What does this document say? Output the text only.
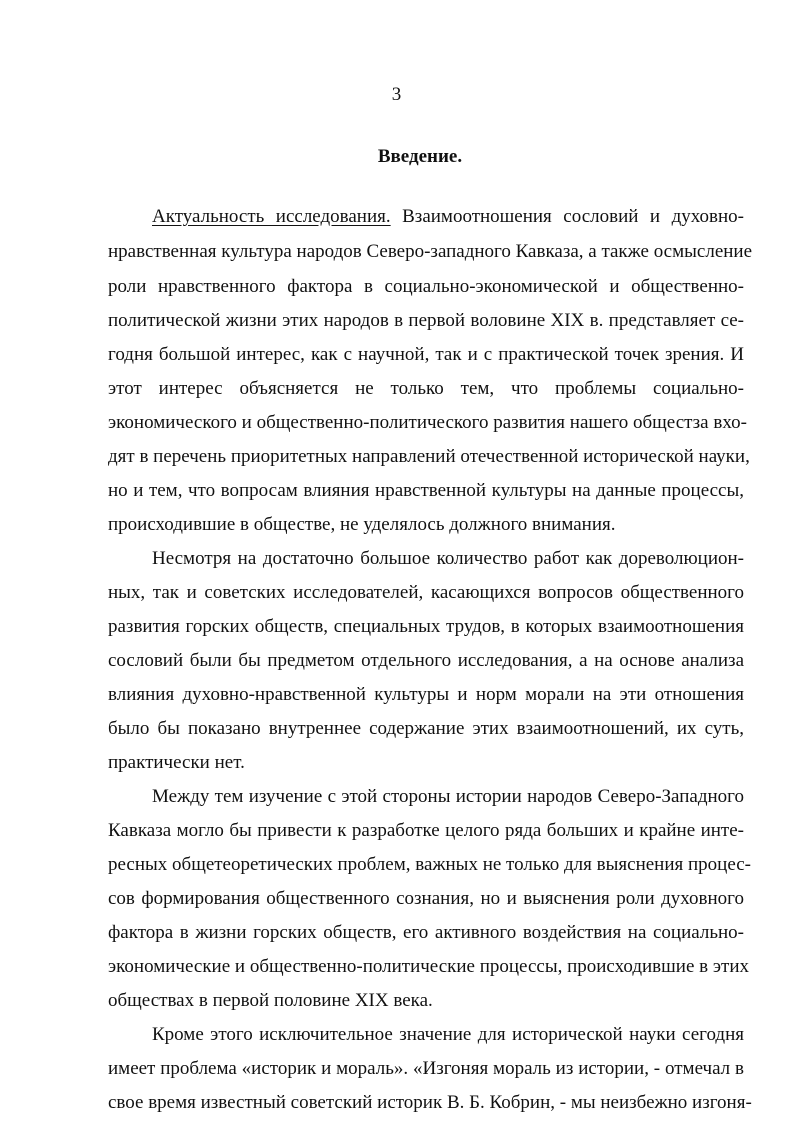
3
Введение.
Актуальность исследования. Взаимоотношения сословий и духовно-
нравственная культура народов Северо-западного Кавказа, а также осмысление
роли нравственного фактора в социально-экономической и общественно-
политической жизни этих народов в первой воловине XIX в. представляет се-
годня большой интерес, как с научной, так и с практической точек зрения. И
этот интерес объясняется не только тем, что проблемы социально-
экономического и общественно-политического развития нашего общестза вхо-
дят в перечень приоритетных направлений отечественной исторической науки,
но и тем, что вопросам влияния нравственной культуры на данные процессы,
происходившие в обществе, не уделялось должного внимания.
Несмотря на достаточно большое количество работ как дореволюцион-
ных, так и советских исследователей, касающихся вопросов общественного
развития горских обществ, специальных трудов, в которых взаимоотношения
сословий были бы предметом отдельного исследования, а на основе анализа
влияния духовно-нравственной культуры и норм морали на эти отношения
было бы показано внутреннее содержание этих взаимоотношений, их суть,
практически нет.
Между тем изучение с этой стороны истории народов Северо-Западного
Кавказа могло бы привести к разработке целого ряда больших и крайне инте-
ресных общетеоретических проблем, важных не только для выяснения процес-
сов формирования общественного сознания, но и выяснения роли духовного
фактора в жизни горских обществ, его активного воздействия на социально-
экономические и общественно-политические процессы, происходившие в этих
обществах в первой половине XIX века.
Кроме этого исключительное значение для исторической науки сегодня
имеет проблема «историк и мораль». «Изгоняя мораль из истории, - отмечал в
свое время известный советский историк В. Б. Кобрин, - мы неизбежно изгоня-
